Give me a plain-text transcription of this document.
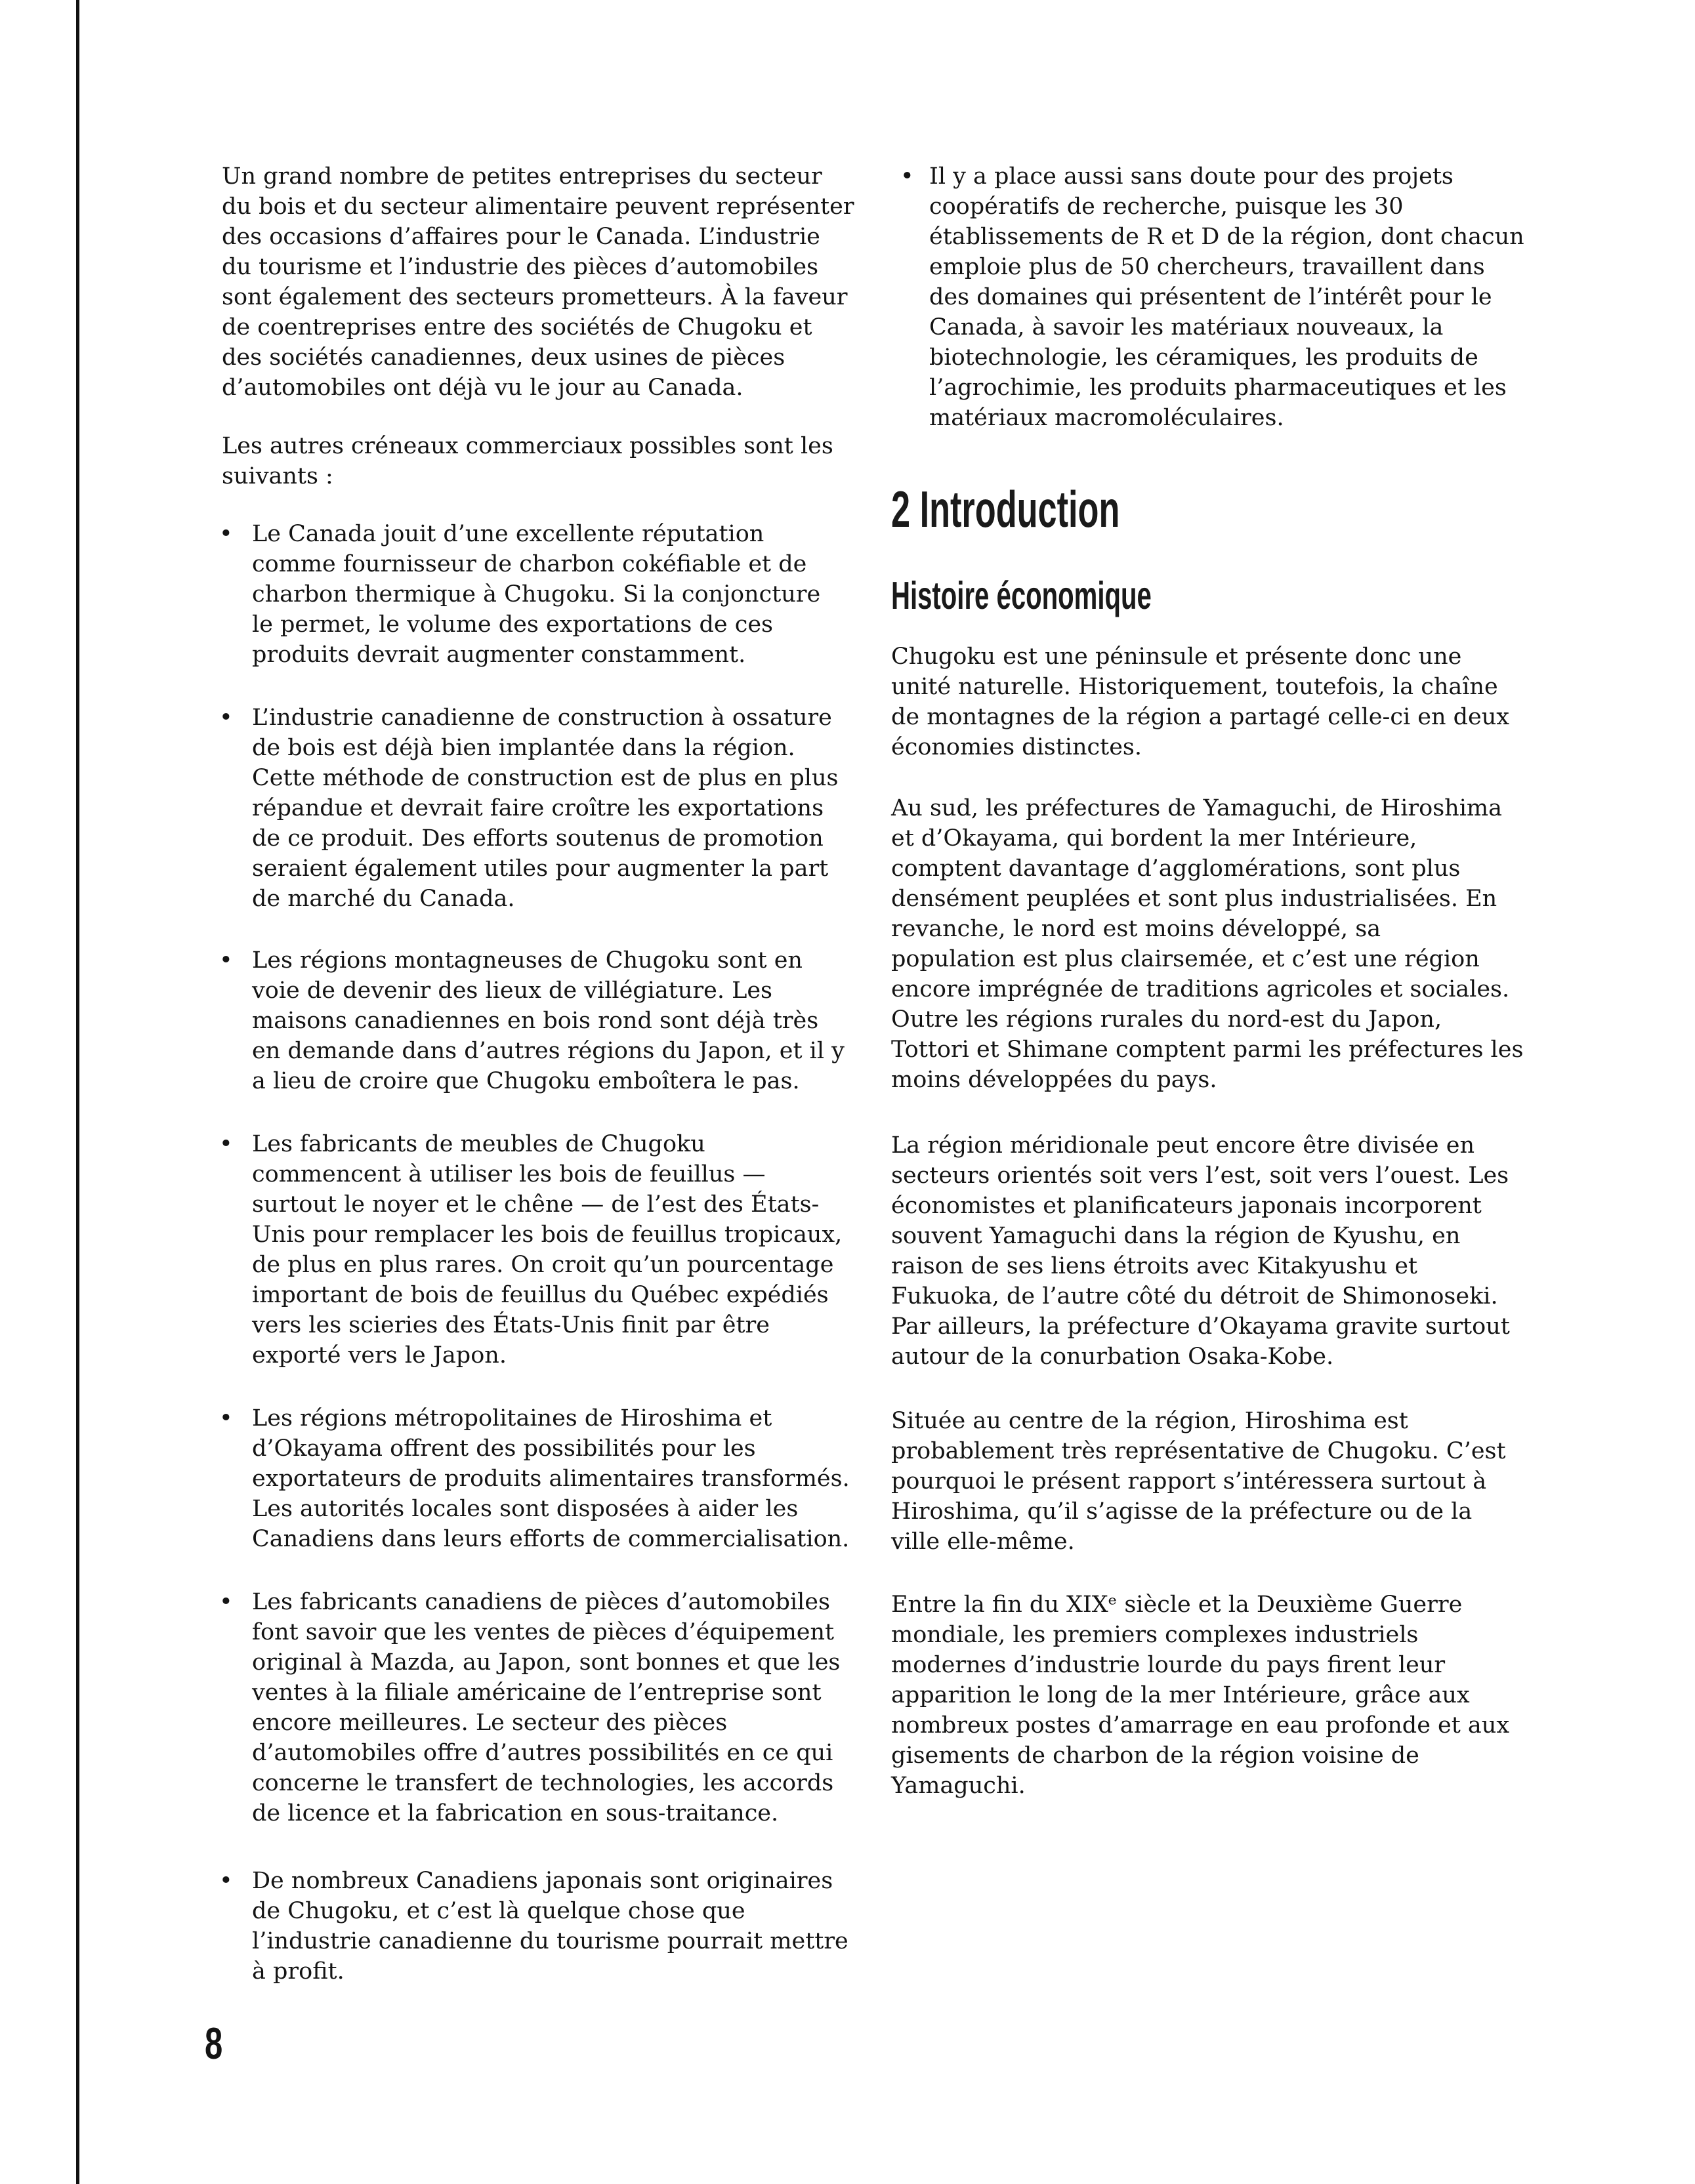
Un grand nombre de petites entreprises du secteur
du bois et du secteur alimentaire peuvent représenter
des occasions d’affaires pour le Canada. L’industrie
du tourisme et l’industrie des pièces d’automobiles
sont également des secteurs prometteurs. À la faveur
de coentreprises entre des sociétés de Chugoku et
des sociétés canadiennes, deux usines de pièces
d’automobiles ont déjà vu le jour au Canada.
Les autres créneaux commerciaux possibles sont les
suivants :
• Le Canada jouit d’une excellente réputation
comme fournisseur de charbon cokéfiable et de
charbon thermique à Chugoku. Si la conjoncture
le permet, le volume des exportations de ces
produits devrait augmenter constamment.
• L’industrie canadienne de construction à ossature
de bois est déjà bien implantée dans la région.
Cette méthode de construction est de plus en plus
répandue et devrait faire croître les exportations
de ce produit. Des efforts soutenus de promotion
seraient également utiles pour augmenter la part
de marché du Canada.
• Les régions montagneuses de Chugoku sont en
voie de devenir des lieux de villégiature. Les
maisons canadiennes en bois rond sont déjà très
en demande dans d’autres régions du Japon, et il y
a lieu de croire que Chugoku emboîtera le pas.
• Les fabricants de meubles de Chugoku
commencent à utiliser les bois de feuillus —
surtout le noyer et le chêne — de l’est des États-
Unis pour remplacer les bois de feuillus tropicaux,
de plus en plus rares. On croit qu’un pourcentage
important de bois de feuillus du Québec expédiés
vers les scieries des États-Unis finit par être
exporté vers le Japon.
• Les régions métropolitaines de Hiroshima et
d’Okayama offrent des possibilités pour les
exportateurs de produits alimentaires transformés.
Les autorités locales sont disposées à aider les
Canadiens dans leurs efforts de commercialisation.
• Les fabricants canadiens de pièces d’automobiles
font savoir que les ventes de pièces d’équipement
original à Mazda, au Japon, sont bonnes et que les
ventes à la filiale américaine de l’entreprise sont
encore meilleures. Le secteur des pièces
d’automobiles offre d’autres possibilités en ce qui
concerne le transfert de technologies, les accords
de licence et la fabrication en sous-traitance.
• De nombreux Canadiens japonais sont originaires
de Chugoku, et c’est là quelque chose que
l’industrie canadienne du tourisme pourrait mettre
à profit.
8
• Il y a place aussi sans doute pour des projets
coopératifs de recherche, puisque les 30
établissements de R et D de la région, dont chacun
emploie plus de 50 chercheurs, travaillent dans
des domaines qui présentent de l’intérêt pour le
Canada, à savoir les matériaux nouveaux, la
biotechnologie, les céramiques, les produits de
l’agrochimie, les produits pharmaceutiques et les
matériaux macromoléculaires.
2 Introduction
Histoire économique
Chugoku est une péninsule et présente donc une
unité naturelle. Historiquement, toutefois, la chaîne
de montagnes de la région a partagé celle-ci en deux
économies distinctes.
Au sud, les préfectures de Yamaguchi, de Hiroshima
et d’Okayama, qui bordent la mer Intérieure,
comptent davantage d’agglomérations, sont plus
densément peuplées et sont plus industrialisées. En
revanche, le nord est moins développé, sa
population est plus clairsemée, et c’est une région
encore imprégnée de traditions agricoles et sociales.
Outre les régions rurales du nord-est du Japon,
Tottori et Shimane comptent parmi les préfectures les
moins développées du pays.
La région méridionale peut encore être divisée en
secteurs orientés soit vers l’est, soit vers l’ouest. Les
économistes et planificateurs japonais incorporent
souvent Yamaguchi dans la région de Kyushu, en
raison de ses liens étroits avec Kitakyushu et
Fukuoka, de l’autre côté du détroit de Shimonoseki.
Par ailleurs, la préfecture d’Okayama gravite surtout
autour de la conurbation Osaka-Kobe.
Située au centre de la région, Hiroshima est
probablement très représentative de Chugoku. C’est
pourquoi le présent rapport s’intéressera surtout à
Hiroshima, qu’il s’agisse de la préfecture ou de la
ville elle-même.
Entre la fin du XIXᵉ siècle et la Deuxième Guerre
mondiale, les premiers complexes industriels
modernes d’industrie lourde du pays firent leur
apparition le long de la mer Intérieure, grâce aux
nombreux postes d’amarrage en eau profonde et aux
gisements de charbon de la région voisine de
Yamaguchi.
